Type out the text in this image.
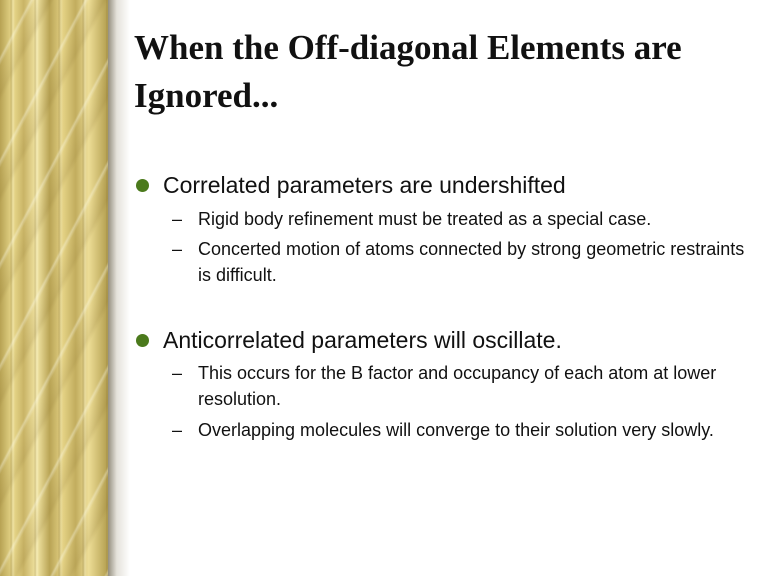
When the Off-diagonal Elements are Ignored...
Correlated parameters are undershifted
– Rigid body refinement must be treated as a special case.
– Concerted motion of atoms connected by strong geometric restraints is difficult.
Anticorrelated parameters will oscillate.
– This occurs for the B factor and occupancy of each atom at lower resolution.
– Overlapping molecules will converge to their solution very slowly.
